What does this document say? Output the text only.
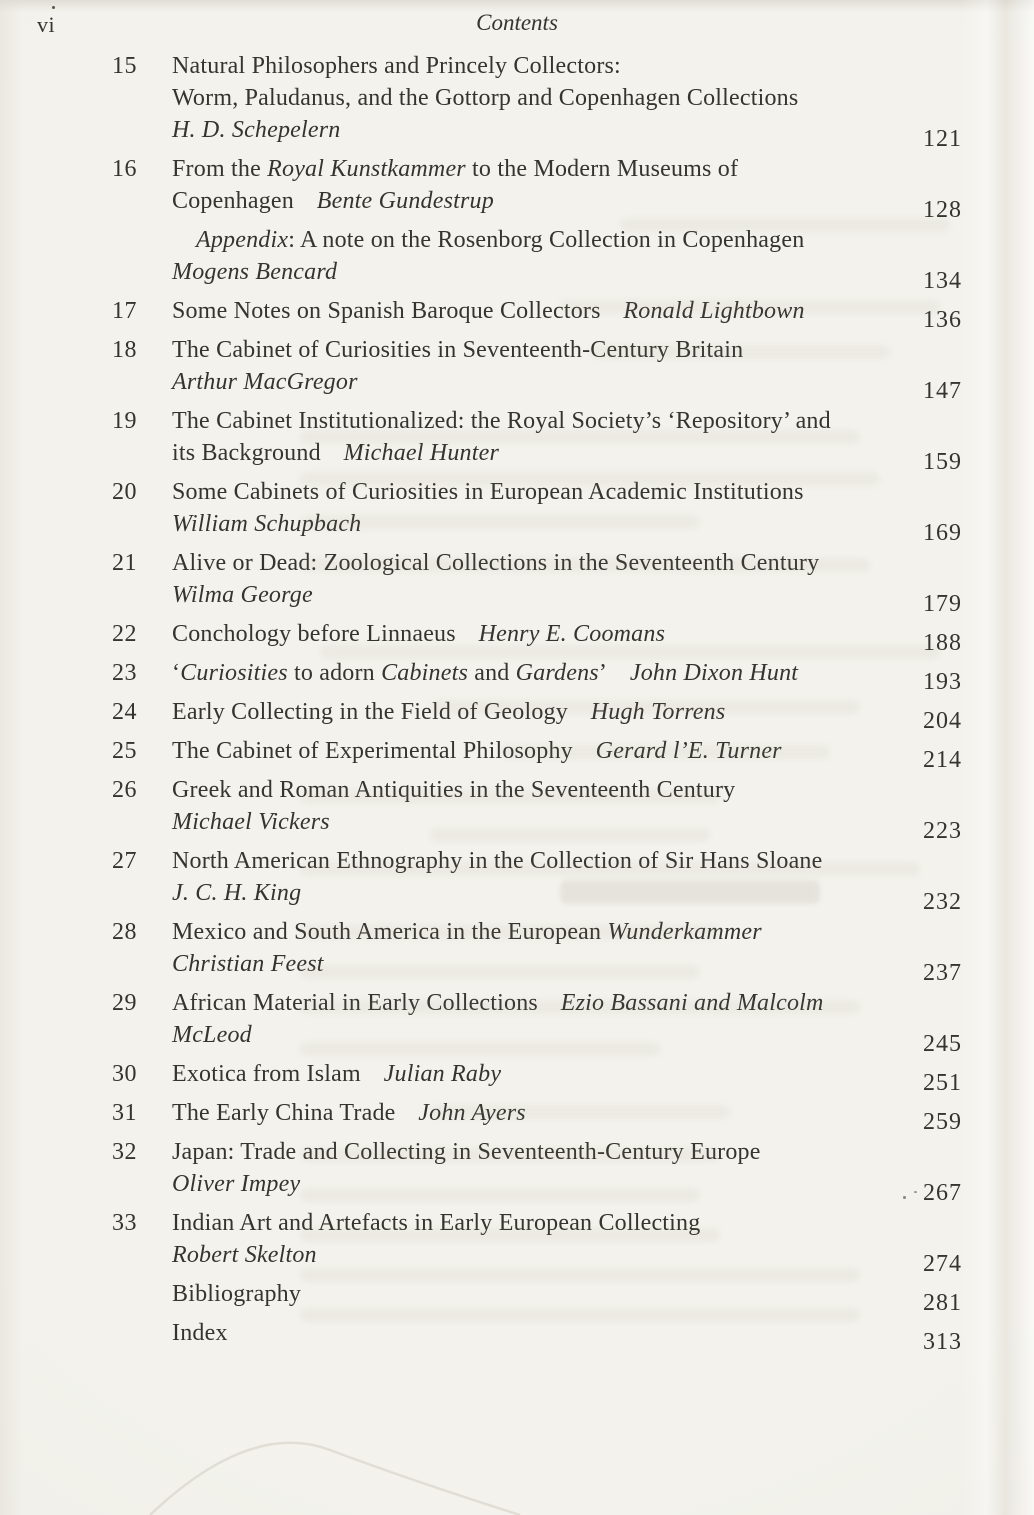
vi	Contents
15	Natural Philosophers and Princely Collectors:
Worm, Paludanus, and the Gottorp and Copenhagen Collections
H. D. Schepelern	121
16	From the Royal Kunstkammer to the Modern Museums of
Copenhagen Bente Gundestrup	128
Appendix: A note on the Rosenborg Collection in Copenhagen
Mogens Bencard	134
17	Some Notes on Spanish Baroque Collectors Ronald Lightbown	136
18	The Cabinet of Curiosities in Seventeenth-Century Britain
Arthur MacGregor	147
19	The Cabinet Institutionalized: the Royal Society’s ‘Repository’ and
its Background Michael Hunter	159
20	Some Cabinets of Curiosities in European Academic Institutions
William Schupbach	169
21	Alive or Dead: Zoological Collections in the Seventeenth Century
Wilma George	179
22	Conchology before Linnaeus Henry E. Coomans	188
23	‘Curiosities to adorn Cabinets and Gardens’ John Dixon Hunt	193
24	Early Collecting in the Field of Geology Hugh Torrens	204
25	The Cabinet of Experimental Philosophy Gerard l’E. Turner	214
26	Greek and Roman Antiquities in the Seventeenth Century
Michael Vickers	223
27	North American Ethnography in the Collection of Sir Hans Sloane
J. C. H. King	232
28	Mexico and South America in the European Wunderkammer
Christian Feest	237
29	African Material in Early Collections Ezio Bassani and Malcolm
McLeod	245
30	Exotica from Islam Julian Raby	251
31	The Early China Trade John Ayers	259
32	Japan: Trade and Collecting in Seventeenth-Century Europe
Oliver Impey	267
33	Indian Art and Artefacts in Early European Collecting
Robert Skelton	274
Bibliography	281
Index	313
